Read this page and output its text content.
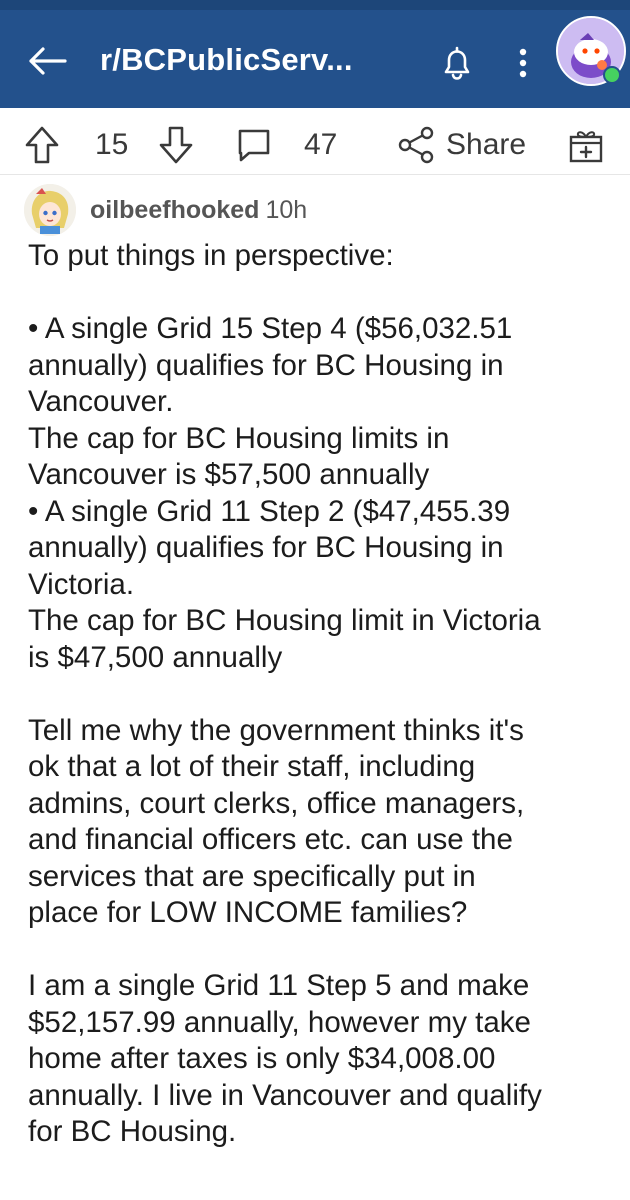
r/BCPublicServ...
15	47	Share
oilbeefhooked 10h

To put things in perspective:

• A single Grid 15 Step 4 ($56,032.51

annually) qualifies for BC Housing in

Vancouver.

The cap for BC Housing limits in

Vancouver is $57,500 annually

• A single Grid 11 Step 2 ($47,455.39

annually) qualifies for BC Housing in

Victoria.

The cap for BC Housing limit in Victoria

is $47,500 annually

Tell me why the government thinks it's

ok that a lot of their staff, including

admins, court clerks, office managers,

and financial officers etc. can use the

services that are specifically put in

place for LOW INCOME families?

I am a single Grid 11 Step 5 and make

$52,157.99 annually, however my take

home after taxes is only $34,008.00

annually. I live in Vancouver and qualify

for BC Housing.
